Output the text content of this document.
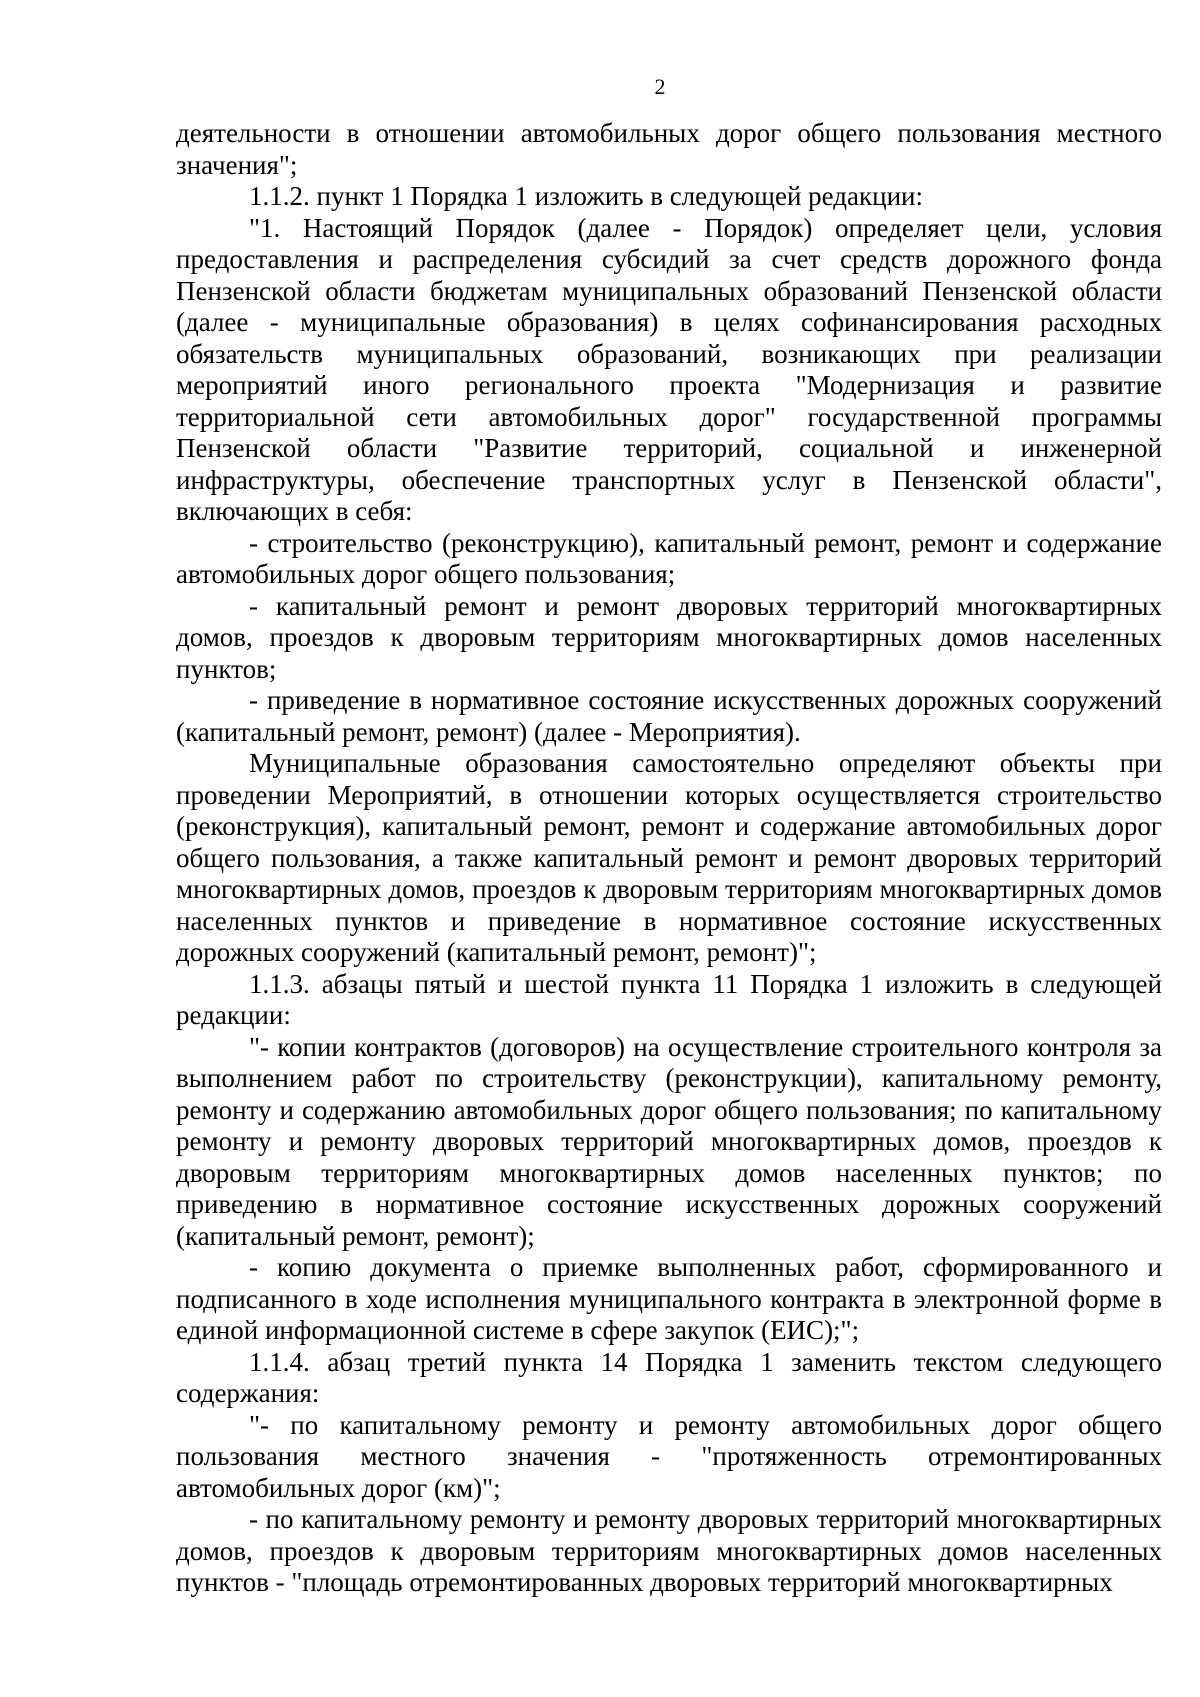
2

деятельности в отношении автомобильных дорог общего пользования местного значения";

1.1.2. пункт 1 Порядка 1 изложить в следующей редакции:

"1. Настоящий Порядок (далее - Порядок) определяет цели, условия предоставления и распределения субсидий за счет средств дорожного фонда Пензенской области бюджетам муниципальных образований Пензенской области (далее - муниципальные образования) в целях софинансирования расходных обязательств муниципальных образований, возникающих при реализации мероприятий иного регионального проекта "Модернизация и развитие территориальной сети автомобильных дорог" государственной программы Пензенской области "Развитие территорий, социальной и инженерной инфраструктуры, обеспечение транспортных услуг в Пензенской области", включающих в себя:

- строительство (реконструкцию), капитальный ремонт, ремонт и содержание автомобильных дорог общего пользования;

- капитальный ремонт и ремонт дворовых территорий многоквартирных домов, проездов к дворовым территориям многоквартирных домов населенных пунктов;

- приведение в нормативное состояние искусственных дорожных сооружений (капитальный ремонт, ремонт) (далее - Мероприятия).

Муниципальные образования самостоятельно определяют объекты при проведении Мероприятий, в отношении которых осуществляется строительство (реконструкция), капитальный ремонт, ремонт и содержание автомобильных дорог общего пользования, а также капитальный ремонт и ремонт дворовых территорий многоквартирных домов, проездов к дворовым территориям многоквартирных домов населенных пунктов и приведение в нормативное состояние искусственных дорожных сооружений (капитальный ремонт, ремонт)";

1.1.3. абзацы пятый и шестой пункта 11 Порядка 1 изложить в следующей редакции:

"- копии контрактов (договоров) на осуществление строительного контроля за выполнением работ по строительству (реконструкции), капитальному ремонту, ремонту и содержанию автомобильных дорог общего пользования; по капитальному ремонту и ремонту дворовых территорий многоквартирных домов, проездов к дворовым территориям многоквартирных домов населенных пунктов; по приведению в нормативное состояние искусственных дорожных сооружений (капитальный ремонт, ремонт);

- копию документа о приемке выполненных работ, сформированного и подписанного в ходе исполнения муниципального контракта в электронной форме в единой информационной системе в сфере закупок (ЕИС);";

1.1.4. абзац третий пункта 14 Порядка 1 заменить текстом следующего содержания:

"- по капитальному ремонту и ремонту автомобильных дорог общего пользования местного значения - "протяженность отремонтированных автомобильных дорог (км)";

- по капитальному ремонту и ремонту дворовых территорий многоквартирных домов, проездов к дворовым территориям многоквартирных домов населенных пунктов - "площадь отремонтированных дворовых территорий многоквартирных
